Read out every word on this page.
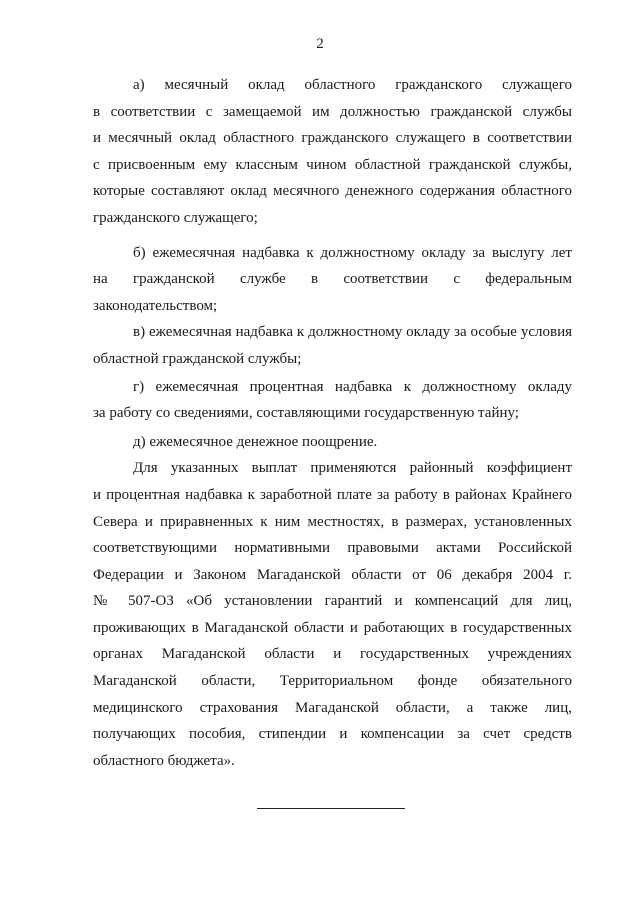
2
а) месячный оклад областного гражданского служащего
в соответствии с замещаемой им должностью гражданской службы
и месячный оклад областного гражданского служащего в соответствии
с присвоенным ему классным чином областной гражданской службы,
которые составляют оклад месячного денежного содержания областного
гражданского служащего;
б) ежемесячная надбавка к должностному окладу за выслугу лет
на гражданской службе в соответствии с федеральным
законодательством;
в) ежемесячная надбавка к должностному окладу за особые условия
областной гражданской службы;
г) ежемесячная процентная надбавка к должностному окладу
за работу со сведениями, составляющими государственную тайну;
д) ежемесячное денежное поощрение.
Для указанных выплат применяются районный коэффициент
и процентная надбавка к заработной плате за работу в районах Крайнего
Севера и приравненных к ним местностях, в размерах, установленных
соответствующими нормативными правовыми актами Российской
Федерации и Законом Магаданской области от 06 декабря 2004 г.
№ 507-ОЗ «Об установлении гарантий и компенсаций для лиц,
проживающих в Магаданской области и работающих в государственных
органах Магаданской области и государственных учреждениях
Магаданской области, Территориальном фонде обязательного
медицинского страхования Магаданской области, а также лиц,
получающих пособия, стипендии и компенсации за счет средств
областного бюджета».
